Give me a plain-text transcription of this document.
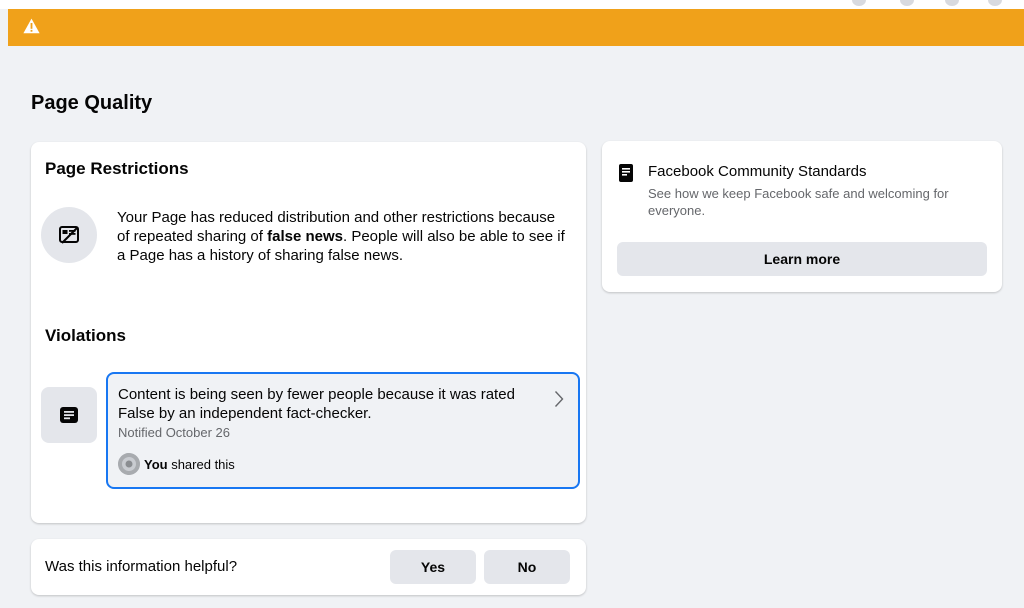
Page Quality
Page Restrictions

Your Page has reduced distribution and other restrictions because of repeated sharing of false news. People will also be able to see if a Page has a history of sharing false news.

Violations
Content is being seen by fewer people because it was rated False by an independent fact-checker.
Notified October 26
You shared this
Facebook Community Standards
See how we keep Facebook safe and welcoming for everyone.
Learn more
Was this information helpful?	Yes	No
